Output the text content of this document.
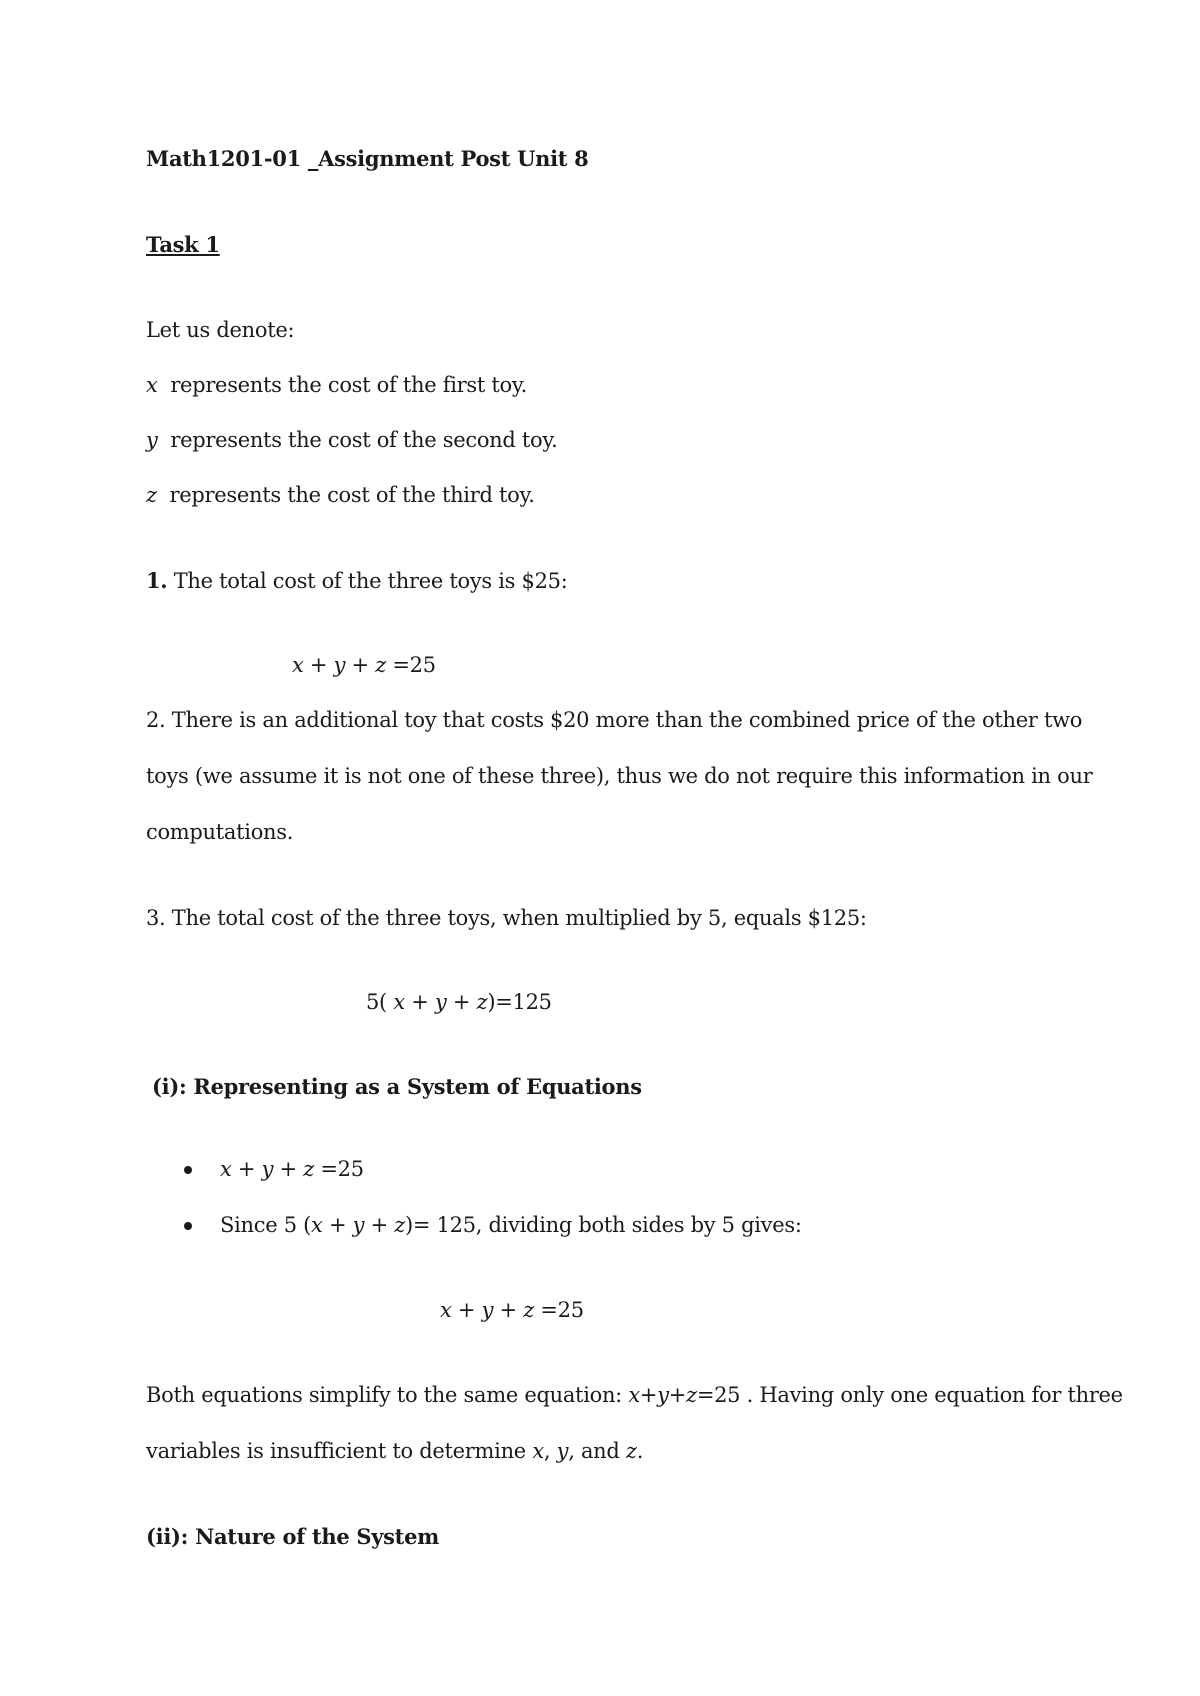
Math1201-01 _Assignment Post Unit 8
Task 1
Let us denote:
x represents the cost of the first toy.
y represents the cost of the second toy.
z represents the cost of the third toy.
1. The total cost of the three toys is $25:
x + y + z =25
2. There is an additional toy that costs $20 more than the combined price of the other two
toys (we assume it is not one of these three), thus we do not require this information in our
computations.
3. The total cost of the three toys, when multiplied by 5, equals $125:
5( x + y + z)=125
(i): Representing as a System of Equations
x + y + z =25
Since 5 (x + y + z)= 125, dividing both sides by 5 gives:
x + y + z =25
Both equations simplify to the same equation: x+y+z=25 . Having only one equation for three
variables is insufficient to determine x, y, and z.
(ii): Nature of the System
